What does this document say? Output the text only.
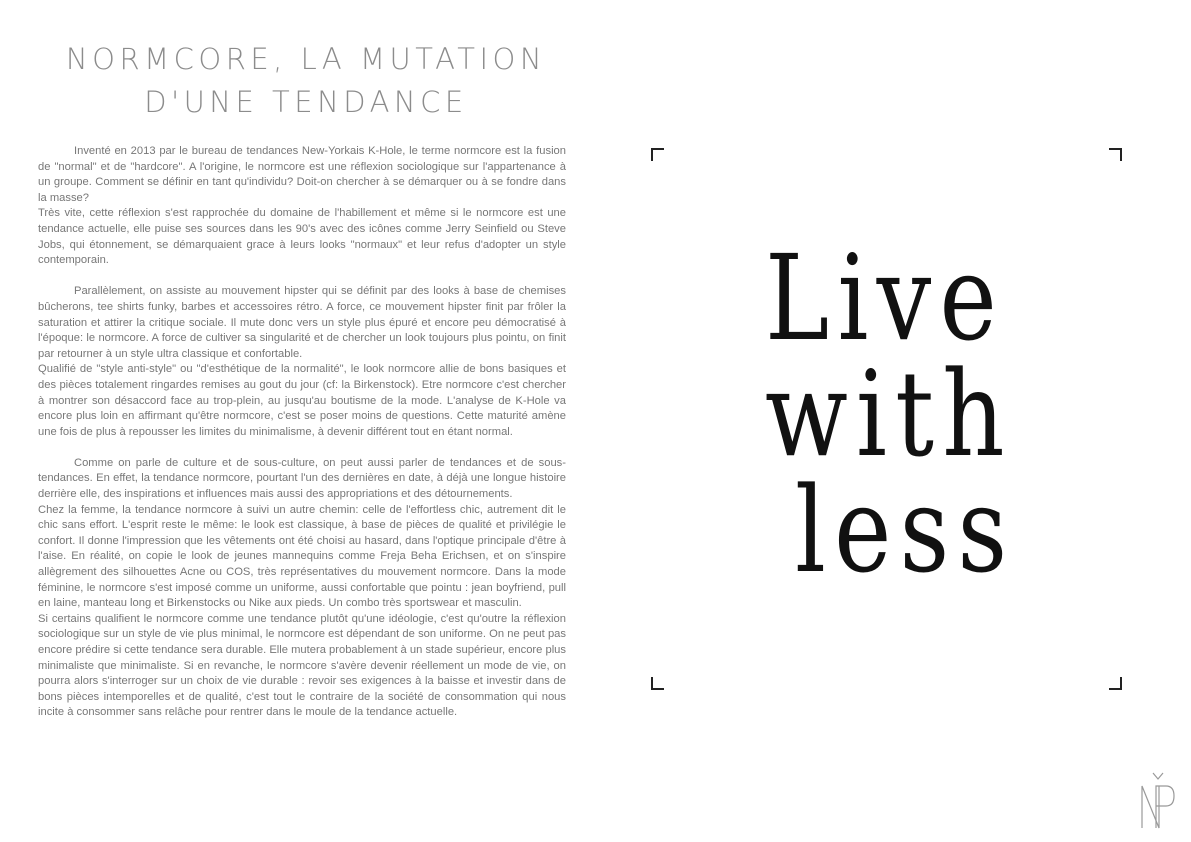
NORMCORE, LA MUTATION
D'UNE TENDANCE

Inventé en 2013 par le bureau de tendances New-Yorkais K-Hole, le terme normcore est la fusion de "normal" et de "hardcore". A l'origine, le normcore est une réflexion sociologique sur l'appartenance à un groupe. Comment se définir en tant qu'individu? Doit-on chercher à se démarquer ou à se fondre dans la masse?

Très vite, cette réflexion s'est rapprochée du domaine de l'habillement et même si le normcore est une tendance actuelle, elle puise ses sources dans les 90's avec des icônes comme Jerry Seinfield ou Steve Jobs, qui étonnement, se démarquaient grace à leurs looks "normaux" et leur refus d'adopter un style contemporain.

Parallèlement, on assiste au mouvement hipster qui se définit par des looks à base de chemises bûcherons, tee shirts funky, barbes et accessoires rétro. A force, ce mouvement hipster finit par frôler la saturation et attirer la critique sociale. Il mute donc vers un style plus épuré et encore peu démocratisé à l'époque: le normcore. A force de cultiver sa singularité et de chercher un look toujours plus pointu, on finit par retourner à un style ultra classique et confortable.

Qualifié de "style anti-style" ou "d'esthétique de la normalité", le look normcore allie de bons basiques et des pièces totalement ringardes remises au gout du jour (cf: la Birkenstock). Etre normcore c'est chercher à montrer son désaccord face au trop-plein, au jusqu'au boutisme de la mode. L'analyse de K-Hole va encore plus loin en affirmant qu'être normcore, c'est se poser moins de questions. Cette maturité amène une fois de plus à repousser les limites du minimalisme, à devenir différent tout en étant normal.

Comme on parle de culture et de sous-culture, on peut aussi parler de tendances et de sous-tendances. En effet, la tendance normcore, pourtant l'un des dernières en date, à déjà une longue histoire derrière elle, des inspirations et influences mais aussi des appropriations et des détournements.

Chez la femme, la tendance normcore à suivi un autre chemin: celle de l'effortless chic, autrement dit le chic sans effort. L'esprit reste le même: le look est classique, à base de pièces de qualité et privilégie le confort. Il donne l'impression que les vêtements ont été choisi au hasard, dans l'optique principale d'être à l'aise. En réalité, on copie le look de jeunes mannequins comme Freja Beha Erichsen, et on s'inspire allègrement des silhouettes Acne ou COS, très représentatives du mouvement normcore. Dans la mode féminine, le normcore s'est imposé comme un uniforme, aussi confortable que pointu : jean boyfriend, pull en laine, manteau long et Birkenstocks ou Nike aux pieds. Un combo très sportswear et masculin.

Si certains qualifient le normcore comme une tendance plutôt qu'une idéologie, c'est qu'outre la réflexion sociologique sur un style de vie plus minimal, le normcore est dépendant de son uniforme. On ne peut pas encore prédire si cette tendance sera durable. Elle mutera probablement à un stade supérieur, encore plus minimaliste que minimaliste. Si en revanche, le normcore s'avère devenir réellement un mode de vie, on pourra alors s'interroger sur un choix de vie durable : revoir ses exigences à la baisse et investir dans de bons pièces intemporelles et de qualité, c'est tout le contraire de la société de consommation qui nous incite à consommer sans relâche pour rentrer dans le moule de la tendance actuelle.

Live
with
less
